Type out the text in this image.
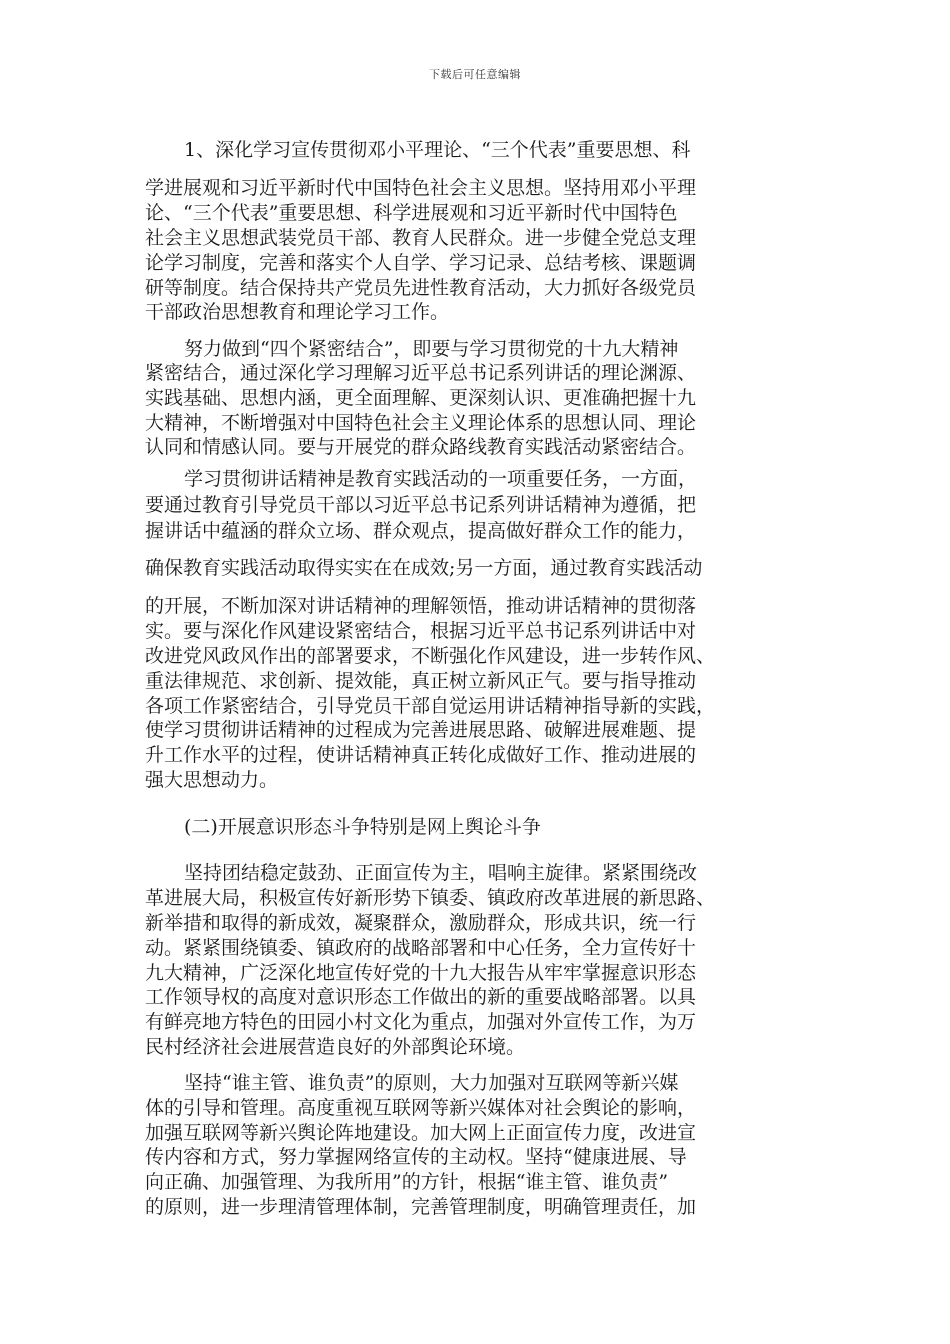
下载后可任意编辑
1、深化学习宣传贯彻邓小平理论、“三个代表”重要思想、科
学进展观和习近平新时代中国特色社会主义思想。坚持用邓小平理
论、“三个代表”重要思想、科学进展观和习近平新时代中国特色
社会主义思想武装党员干部、教育人民群众。进一步健全党总支理
论学习制度，完善和落实个人自学、学习记录、总结考核、课题调
研等制度。结合保持共产党员先进性教育活动，大力抓好各级党员
干部政治思想教育和理论学习工作。
努力做到“四个紧密结合”，即要与学习贯彻党的十九大精神
紧密结合，通过深化学习理解习近平总书记系列讲话的理论渊源、
实践基础、思想内涵，更全面理解、更深刻认识、更准确把握十九
大精神，不断增强对中国特色社会主义理论体系的思想认同、理论
认同和情感认同。要与开展党的群众路线教育实践活动紧密结合。
学习贯彻讲话精神是教育实践活动的一项重要任务，一方面，
要通过教育引导党员干部以习近平总书记系列讲话精神为遵循，把
握讲话中蕴涵的群众立场、群众观点，提高做好群众工作的能力，
确保教育实践活动取得实实在在成效;另一方面，通过教育实践活动
的开展，不断加深对讲话精神的理解领悟，推动讲话精神的贯彻落
实。要与深化作风建设紧密结合，根据习近平总书记系列讲话中对
改进党风政风作出的部署要求，不断强化作风建设，进一步转作风、
重法律规范、求创新、提效能，真正树立新风正气。要与指导推动
各项工作紧密结合，引导党员干部自觉运用讲话精神指导新的实践，
使学习贯彻讲话精神的过程成为完善进展思路、破解进展难题、提
升工作水平的过程，使讲话精神真正转化成做好工作、推动进展的
强大思想动力。
(二)开展意识形态斗争特别是网上舆论斗争
坚持团结稳定鼓劲、正面宣传为主，唱响主旋律。紧紧围绕改
革进展大局，积极宣传好新形势下镇委、镇政府改革进展的新思路、
新举措和取得的新成效，凝聚群众，激励群众，形成共识，统一行
动。紧紧围绕镇委、镇政府的战略部署和中心任务，全力宣传好十
九大精神，广泛深化地宣传好党的十九大报告从牢牢掌握意识形态
工作领导权的高度对意识形态工作做出的新的重要战略部署。以具
有鲜亮地方特色的田园小村文化为重点，加强对外宣传工作，为万
民村经济社会进展营造良好的外部舆论环境。
坚持“谁主管、谁负责”的原则，大力加强对互联网等新兴媒
体的引导和管理。高度重视互联网等新兴媒体对社会舆论的影响，
加强互联网等新兴舆论阵地建设。加大网上正面宣传力度，改进宣
传内容和方式，努力掌握网络宣传的主动权。坚持“健康进展、导
向正确、加强管理、为我所用”的方针，根据“谁主管、谁负责”
的原则，进一步理清管理体制，完善管理制度，明确管理责任，加
